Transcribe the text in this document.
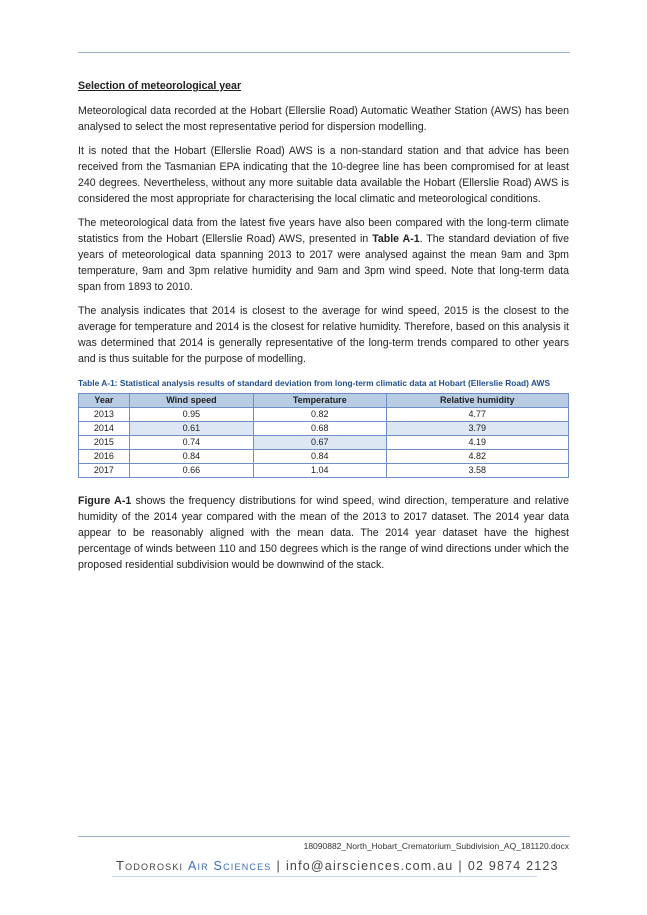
Selection of meteorological year

Meteorological data recorded at the Hobart (Ellerslie Road) Automatic Weather Station (AWS) has been analysed to select the most representative period for dispersion modelling.

It is noted that the Hobart (Ellerslie Road) AWS is a non-standard station and that advice has been received from the Tasmanian EPA indicating that the 10-degree line has been compromised for at least 240 degrees. Nevertheless, without any more suitable data available the Hobart (Ellerslie Road) AWS is considered the most appropriate for characterising the local climatic and meteorological conditions.

The meteorological data from the latest five years have also been compared with the long-term climate statistics from the Hobart (Ellerslie Road) AWS, presented in Table A-1. The standard deviation of five years of meteorological data spanning 2013 to 2017 were analysed against the mean 9am and 3pm temperature, 9am and 3pm relative humidity and 9am and 3pm wind speed. Note that long-term data span from 1893 to 2010.

The analysis indicates that 2014 is closest to the average for wind speed, 2015 is the closest to the average for temperature and 2014 is the closest for relative humidity. Therefore, based on this analysis it was determined that 2014 is generally representative of the long-term trends compared to other years and is thus suitable for the purpose of modelling.

Table A-1: Statistical analysis results of standard deviation from long-term climatic data at Hobart (Ellerslie Road) AWS
Year	Wind speed	Temperature	Relative humidity
2013	0.95	0.82	4.77
2014	0.61	0.68	3.79
2015	0.74	0.67	4.19
2016	0.84	0.84	4.82
2017	0.66	1.04	3.58

Figure A-1 shows the frequency distributions for wind speed, wind direction, temperature and relative humidity of the 2014 year compared with the mean of the 2013 to 2017 dataset. The 2014 year data appear to be reasonably aligned with the mean data. The 2014 year dataset have the highest percentage of winds between 110 and 150 degrees which is the range of wind directions under which the proposed residential subdivision would be downwind of the stack.

18090882_North_Hobart_Crematorium_Subdivision_AQ_181120.docx
Todoroski Air Sciences | info@airsciences.com.au | 02 9874 2123
